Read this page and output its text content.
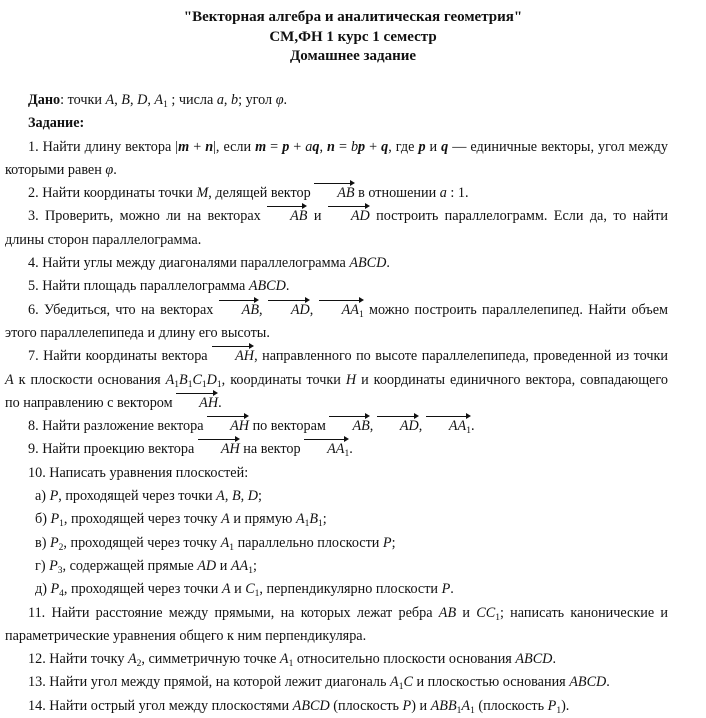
"Векторная алгебра и аналитическая геометрия"
СМ,ФН 1 курс 1 семестр
Домашнее задание

Дано: точки A, B, D, $A_1$ ; числа a, b; угол φ.

Задание:

1. Найти длину вектора |m + n|, если m = p + aq, n = bp + q, где p и q — единичные векторы, угол между которыми равен φ.

2. Найти координаты точки M, делящей вектор AB в отношении a : 1.

3. Проверить, можно ли на векторах AB и AD построить параллелограмм. Если да, то найти длины сторон параллелограмма.

4. Найти углы между диагоналями параллелограмма ABCD.

5. Найти площадь параллелограмма ABCD.

6. Убедиться, что на векторах AB, AD, $AA_1$ можно построить параллелепипед. Найти объем этого параллелепипеда и длину его высоты.

7. Найти координаты вектора AH, направленного по высоте параллелепипеда, проведенной из точки A к плоскости основания $A_1B_1C_1D_1$, координаты точки H и координаты единичного вектора, совпадающего по направлению с вектором AH.

8. Найти разложение вектора AH по векторам AB, AD, $AA_1$.

9. Найти проекцию вектора AH на вектор $AA_1$.

10. Написать уравнения плоскостей:

а) P, проходящей через точки A, B, D;

б) $P_1$, проходящей через точку A и прямую $A_1B_1$;

в) $P_2$, проходящей через точку $A_1$ параллельно плоскости P;

г) $P_3$, содержащей прямые AD и $AA_1$;

д) $P_4$, проходящей через точки A и $C_1$, перпендикулярно плоскости P.

11. Найти расстояние между прямыми, на которых лежат ребра AB и $CC_1$; написать канонические и параметрические уравнения общего к ним перпендикуляра.

12. Найти точку $A_2$, симметричную точке $A_1$ относительно плоскости основания ABCD.

13. Найти угол между прямой, на которой лежит диагональ $A_1C$ и плоскостью основания ABCD.

14. Найти острый угол между плоскостями ABCD (плоскость P) и $ABB_1A_1$ (плоскость $P_1$).
